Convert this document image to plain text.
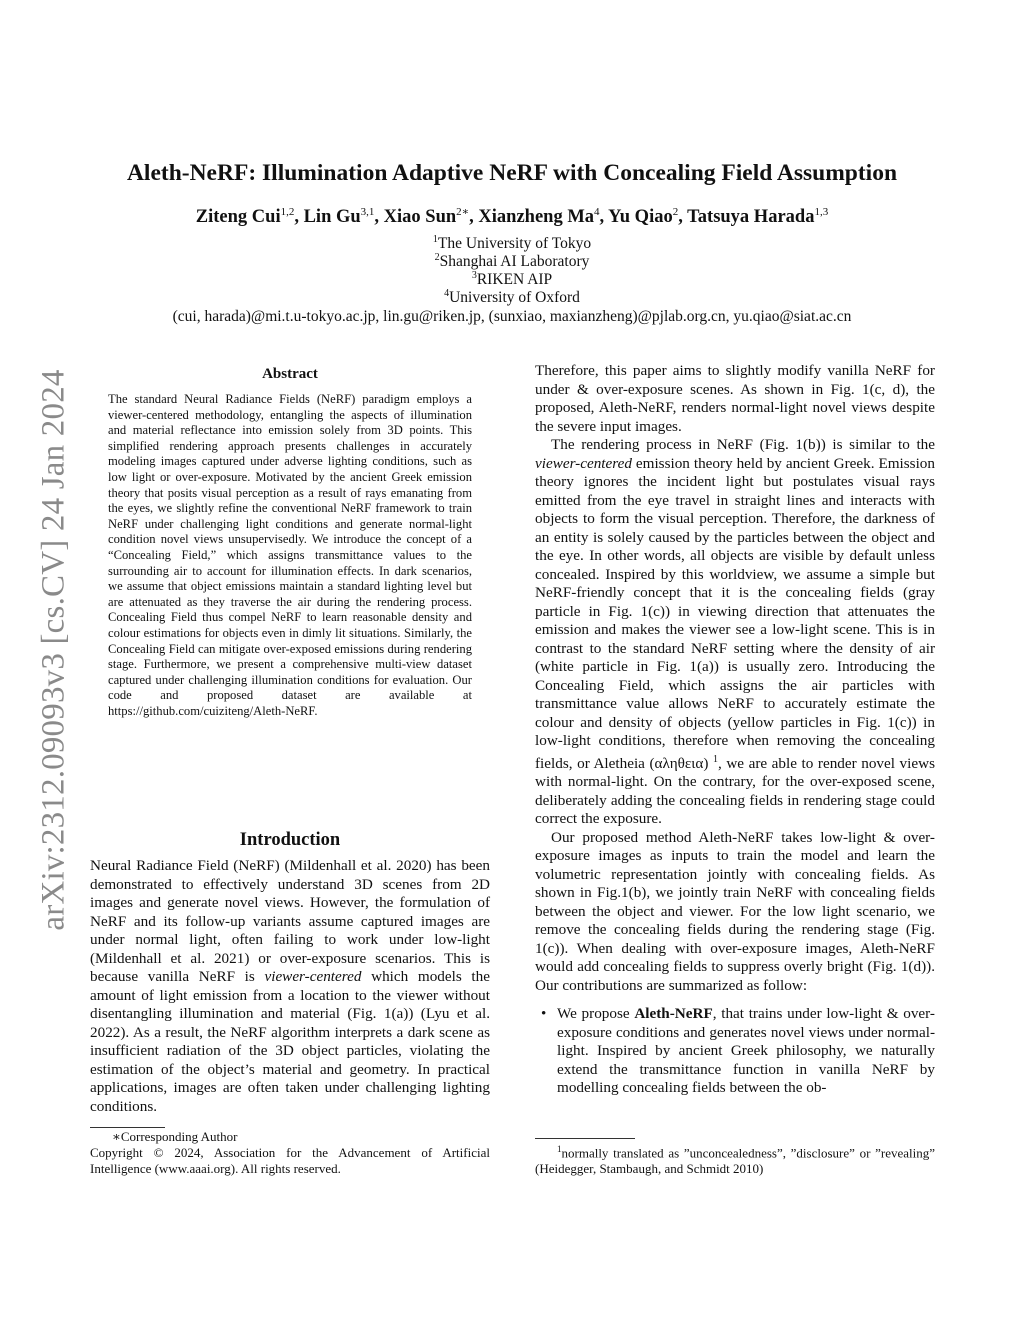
arXiv:2312.09093v3 [cs.CV] 24 Jan 2024
Aleth-NeRF: Illumination Adaptive NeRF with Concealing Field Assumption
Ziteng Cui$^{1,2}$, Lin Gu$^{3,1}$, Xiao Sun$^{2∗}$, Xianzheng Ma$^4$, Yu Qiao$^2$, Tatsuya Harada$^{1,3}$
$^1$The University of Tokyo
$^2$Shanghai AI Laboratory
$^3$RIKEN AIP
$^4$University of Oxford
(cui, harada)@mi.t.u-tokyo.ac.jp, lin.gu@riken.jp, (sunxiao, maxianzheng)@pjlab.org.cn, yu.qiao@siat.ac.cn
Abstract
The standard Neural Radiance Fields (NeRF) paradigm employs a viewer-centered methodology, entangling the aspects of illumination and material reflectance into emission solely from 3D points. This simplified rendering approach presents challenges in accurately modeling images captured under adverse lighting conditions, such as low light or over-exposure. Motivated by the ancient Greek emission theory that posits visual perception as a result of rays emanating from the eyes, we slightly refine the conventional NeRF framework to train NeRF under challenging light conditions and generate normal-light condition novel views unsupervisedly. We introduce the concept of a “Concealing Field,” which assigns transmittance values to the surrounding air to account for illumination effects. In dark scenarios, we assume that object emissions maintain a standard lighting level but are attenuated as they traverse the air during the rendering process. Concealing Field thus compel NeRF to learn reasonable density and colour estimations for objects even in dimly lit situations. Similarly, the Concealing Field can mitigate over-exposed emissions during rendering stage. Furthermore, we present a comprehensive multi-view dataset captured under challenging illumination conditions for evaluation. Our code and proposed dataset are available at https://github.com/cuiziteng/Aleth-NeRF.
Introduction

Neural Radiance Field (NeRF) (Mildenhall et al. 2020) has been demonstrated to effectively understand 3D scenes from 2D images and generate novel views. However, the formulation of NeRF and its follow-up variants assume captured images are under normal light, often failing to work under low-light (Mildenhall et al. 2021) or over-exposure scenarios. This is because vanilla NeRF is viewer-centered which models the amount of light emission from a location to the viewer without disentangling illumination and material (Fig. 1(a)) (Lyu et al. 2022). As a result, the NeRF algorithm interprets a dark scene as insufficient radiation of the 3D object particles, violating the estimation of the object’s material and geometry. In practical applications, images are often taken under challenging lighting conditions.

∗Corresponding Author
Copyright © 2024, Association for the Advancement of Artificial Intelligence (www.aaai.org). All rights reserved.

Therefore, this paper aims to slightly modify vanilla NeRF for under & over-exposure scenes. As shown in Fig. 1(c, d), the proposed, Aleth-NeRF, renders normal-light novel views despite the severe input images.

The rendering process in NeRF (Fig. 1(b)) is similar to the viewer-centered emission theory held by ancient Greek. Emission theory ignores the incident light but postulates visual rays emitted from the eye travel in straight lines and interacts with objects to form the visual perception. Therefore, the darkness of an entity is solely caused by the particles between the object and the eye. In other words, all objects are visible by default unless concealed. Inspired by this worldview, we assume a simple but NeRF-friendly concept that it is the concealing fields (gray particle in Fig. 1(c)) in viewing direction that attenuates the emission and makes the viewer see a low-light scene. This is in contrast to the standard NeRF setting where the density of air (white particle in Fig. 1(a)) is usually zero. Introducing the Concealing Field, which assigns the air particles with transmittance value allows NeRF to accurately estimate the colour and density of objects (yellow particles in Fig. 1(c)) in low-light conditions, therefore when removing the concealing fields, or Aletheia (αληθεια) $^1$, we are able to render novel views with normal-light. On the contrary, for the over-exposed scene, deliberately adding the concealing fields in rendering stage could correct the exposure.

Our proposed method Aleth-NeRF takes low-light & over-exposure images as inputs to train the model and learn the volumetric representation jointly with concealing fields. As shown in Fig.1(b), we jointly train NeRF with concealing fields between the object and viewer. For the low light scenario, we remove the concealing fields during the rendering stage (Fig. 1(c)). When dealing with over-exposure images, Aleth-NeRF would add concealing fields to suppress overly bright (Fig. 1(d)). Our contributions are summarized as follow:

• We propose Aleth-NeRF, that trains under low-light & over-exposure conditions and generates novel views under normal-light. Inspired by ancient Greek philosophy, we naturally extend the transmittance function in vanilla NeRF by modelling concealing fields between the ob-
$^1$normally translated as ”unconcealedness”, ”disclosure” or ”revealing” (Heidegger, Stambaugh, and Schmidt 2010)
